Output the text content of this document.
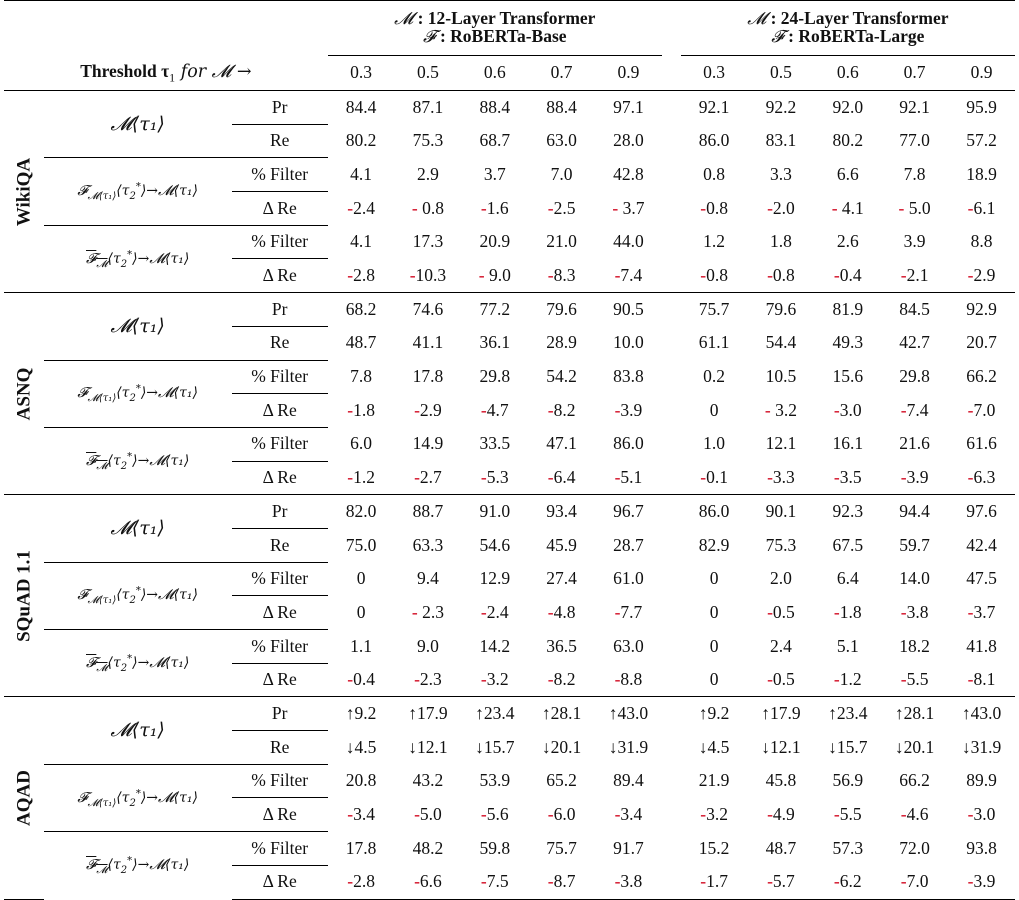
			𝓜 : 12-Layer Transformer
𝓕 : RoBERTa-Base						𝓜 : 24-Layer Transformer
𝓕 : RoBERTa-Large				
Threshold $\tau_1$ for 𝓜 →			0.3	0.5	0.6	0.7	0.9		0.3	0.5	0.6	0.7	0.9

WikiQA	𝓜⟨τ₁⟩	Pr	84.4	87.1	88.4	88.4	97.1		92.1	92.2	92.0	92.1	95.9
		Re	80.2	75.3	68.7	63.0	28.0		86.0	83.1	80.2	77.0	57.2
	$𝓕_{𝓜⟨\tau_1⟩}⟨\tau_2^*⟩\to 𝓜⟨\tau_1⟩$	% Filter	4.1	2.9	3.7	7.0	42.8		0.8	3.3	6.6	7.8	18.9
		Δ Re	-2.4	- 0.8	-1.6	-2.5	- 3.7		-0.8	-2.0	- 4.1	- 5.0	-6.1
	$𝓕_𝓜⟨\tau_2^*⟩\to 𝓜⟨\tau_1⟩$	% Filter	4.1	17.3	20.9	21.0	44.0		1.2	1.8	2.6	3.9	8.8
		Δ Re	-2.8	-10.3	- 9.0	-8.3	-7.4		-0.8	-0.8	-0.4	-2.1	-2.9

ASNQ	𝓜⟨τ₁⟩	Pr	68.2	74.6	77.2	79.6	90.5		75.7	79.6	81.9	84.5	92.9
		Re	48.7	41.1	36.1	28.9	10.0		61.1	54.4	49.3	42.7	20.7
	$𝓕_{𝓜⟨\tau_1⟩}⟨\tau_2^*⟩\to 𝓜⟨\tau_1⟩$	% Filter	7.8	17.8	29.8	54.2	83.8		0.2	10.5	15.6	29.8	66.2
		Δ Re	-1.8	-2.9	-4.7	-8.2	-3.9		0	- 3.2	-3.0	-7.4	-7.0
	$𝓕_𝓜⟨\tau_2^*⟩\to 𝓜⟨\tau_1⟩$	% Filter	6.0	14.9	33.5	47.1	86.0		1.0	12.1	16.1	21.6	61.6
		Δ Re	-1.2	-2.7	-5.3	-6.4	-5.1		-0.1	-3.3	-3.5	-3.9	-6.3

SQuAD 1.1	𝓜⟨τ₁⟩	Pr	82.0	88.7	91.0	93.4	96.7		86.0	90.1	92.3	94.4	97.6
		Re	75.0	63.3	54.6	45.9	28.7		82.9	75.3	67.5	59.7	42.4
	$𝓕_{𝓜⟨\tau_1⟩}⟨\tau_2^*⟩\to 𝓜⟨\tau_1⟩$	% Filter	0	9.4	12.9	27.4	61.0		0	2.0	6.4	14.0	47.5
		Δ Re	0	- 2.3	-2.4	-4.8	-7.7		0	-0.5	-1.8	-3.8	-3.7
	$𝓕_𝓜⟨\tau_2^*⟩\to 𝓜⟨\tau_1⟩$	% Filter	1.1	9.0	14.2	36.5	63.0		0	2.4	5.1	18.2	41.8
		Δ Re	-0.4	-2.3	-3.2	-8.2	-8.8		0	-0.5	-1.2	-5.5	-8.1

AQAD	𝓜⟨τ₁⟩	Pr	↑9.2	↑17.9	↑23.4	↑28.1	↑43.0		↑9.2	↑17.9	↑23.4	↑28.1	↑43.0
		Re	↓4.5	↓12.1	↓15.7	↓20.1	↓31.9		↓4.5	↓12.1	↓15.7	↓20.1	↓31.9
	$𝓕_{𝓜⟨\tau_1⟩}⟨\tau_2^*⟩\to 𝓜⟨\tau_1⟩$	% Filter	20.8	43.2	53.9	65.2	89.4		21.9	45.8	56.9	66.2	89.9
		Δ Re	-3.4	-5.0	-5.6	-6.0	-3.4		-3.2	-4.9	-5.5	-4.6	-3.0
	$𝓕_𝓜⟨\tau_2^*⟩\to 𝓜⟨\tau_1⟩$	% Filter	17.8	48.2	59.8	75.7	91.7		15.2	48.7	57.3	72.0	93.8
		Δ Re	-2.8	-6.6	-7.5	-8.7	-3.8		-1.7	-5.7	-6.2	-7.0	-3.9
